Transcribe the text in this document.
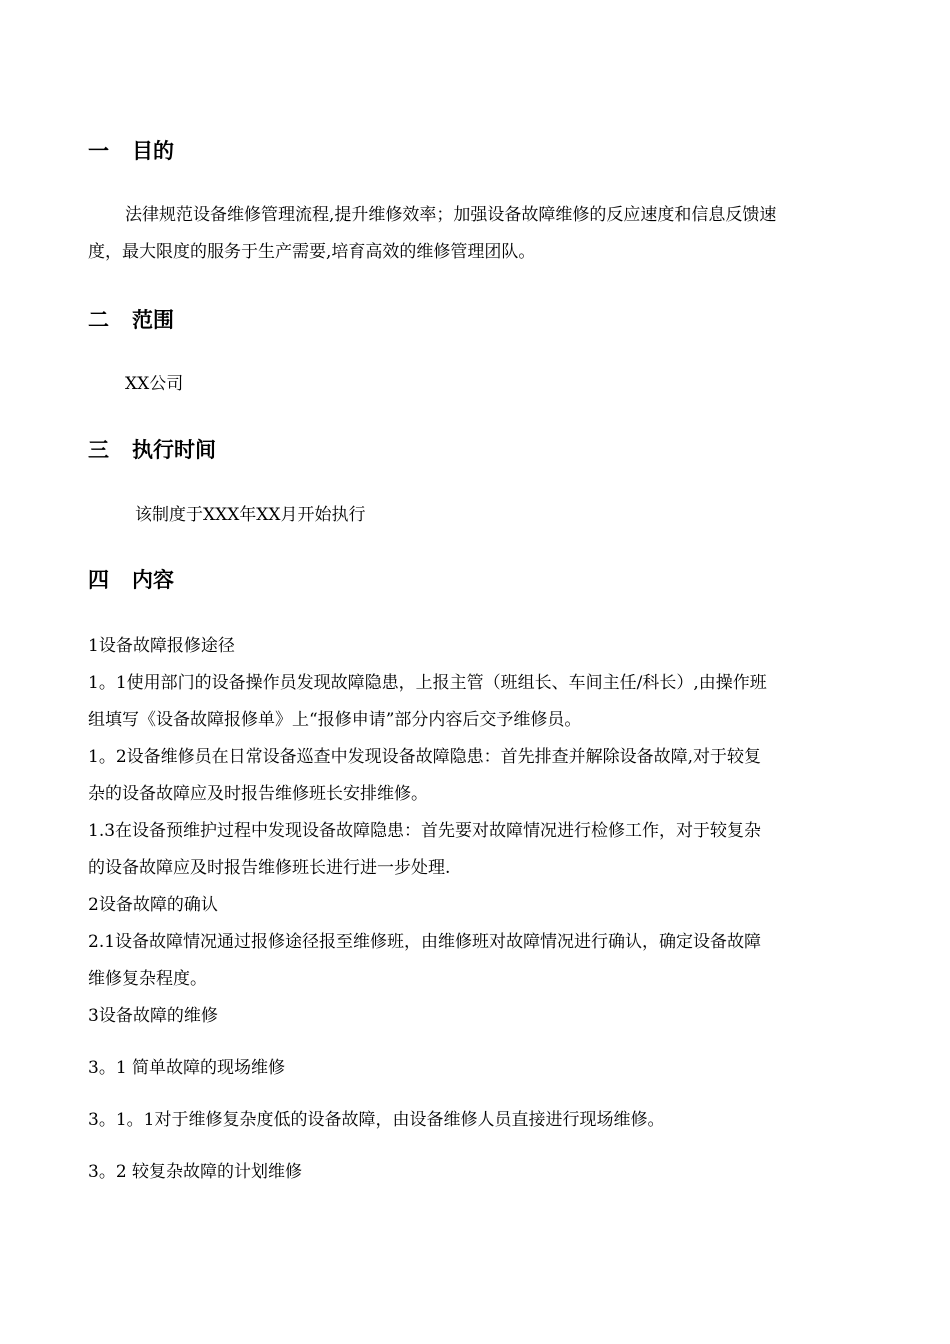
一 目的
法律规范设备维修管理流程,提升维修效率；加强设备故障维修的反应速度和信息反馈速
度，最大限度的服务于生产需要,培育高效的维修管理团队。
二 范围
XX公司
三 执行时间
该制度于XXX年XX月开始执行
四 内容
1设备故障报修途径
1。1使用部门的设备操作员发现故障隐患，上报主管（班组长、车间主任/科长）,由操作班
组填写《设备故障报修单》上“报修申请”部分内容后交予维修员。
1。2设备维修员在日常设备巡查中发现设备故障隐患：首先排查并解除设备故障,对于较复
杂的设备故障应及时报告维修班长安排维修。
1.3在设备预维护过程中发现设备故障隐患：首先要对故障情况进行检修工作，对于较复杂
的设备故障应及时报告维修班长进行进一步处理.
2设备故障的确认
2.1设备故障情况通过报修途径报至维修班，由维修班对故障情况进行确认，确定设备故障
维修复杂程度。
3设备故障的维修
3。1 简单故障的现场维修
3。1。1对于维修复杂度低的设备故障，由设备维修人员直接进行现场维修。
3。2 较复杂故障的计划维修
